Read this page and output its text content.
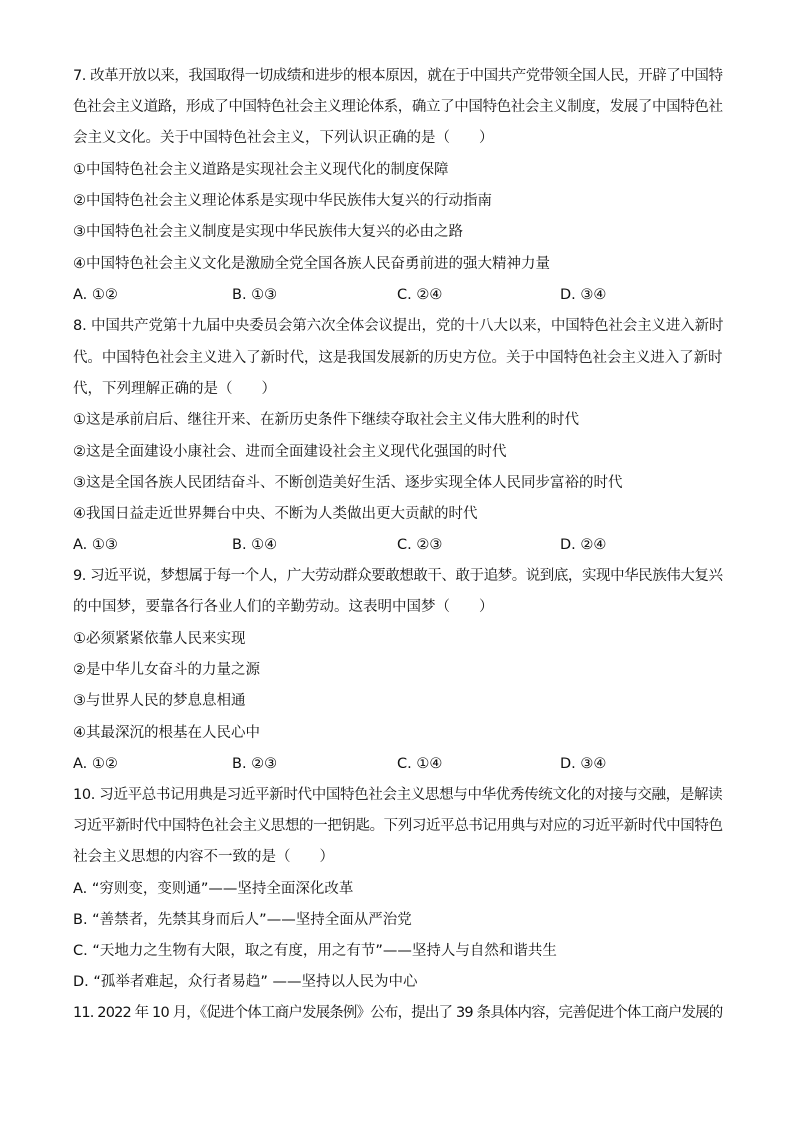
7. 改革开放以来，我国取得一切成绩和进步的根本原因，就在于中国共产党带领全国人民，开辟了中国特
色社会主义道路，形成了中国特色社会主义理论体系，确立了中国特色社会主义制度，发展了中国特色社
会主义文化。关于中国特色社会主义，下列认识正确的是（　　）
①中国特色社会主义道路是实现社会主义现代化的制度保障
②中国特色社会主义理论体系是实现中华民族伟大复兴的行动指南
③中国特色社会主义制度是实现中华民族伟大复兴的必由之路
④中国特色社会主义文化是激励全党全国各族人民奋勇前进的强大精神力量
A. ①②	B. ①③	C. ②④	D. ③④
8. 中国共产党第十九届中央委员会第六次全体会议提出，党的十八大以来，中国特色社会主义进入新时
代。中国特色社会主义进入了新时代，这是我国发展新的历史方位。关于中国特色社会主义进入了新时
代，下列理解正确的是（　　）
①这是承前启后、继往开来、在新历史条件下继续夺取社会主义伟大胜利的时代
②这是全面建设小康社会、进而全面建设社会主义现代化强国的时代
③这是全国各族人民团结奋斗、不断创造美好生活、逐步实现全体人民同步富裕的时代
④我国日益走近世界舞台中央、不断为人类做出更大贡献的时代
A. ①③	B. ①④	C. ②③	D. ②④
9. 习近平说，梦想属于每一个人，广大劳动群众要敢想敢干、敢于追梦。说到底，实现中华民族伟大复兴
的中国梦，要靠各行各业人们的辛勤劳动。这表明中国梦（　　）
①必须紧紧依靠人民来实现
②是中华儿女奋斗的力量之源
③与世界人民的梦息息相通
④其最深沉的根基在人民心中
A. ①②	B. ②③	C. ①④	D. ③④
10. 习近平总书记用典是习近平新时代中国特色社会主义思想与中华优秀传统文化的对接与交融，是解读
习近平新时代中国特色社会主义思想的一把钥匙。下列习近平总书记用典与对应的习近平新时代中国特色
社会主义思想的内容不一致的是（　　）
A. “穷则变，变则通”——坚持全面深化改革
B. “善禁者，先禁其身而后人”——坚持全面从严治党
C. “天地力之生物有大限，取之有度，用之有节”——坚持人与自然和谐共生
D. “孤举者难起，众行者易趋” ——坚持以人民为中心
11. 2022 年 10 月，《促进个体工商户发展条例》公布，提出了 39 条具体内容，完善促进个体工商户发展的
